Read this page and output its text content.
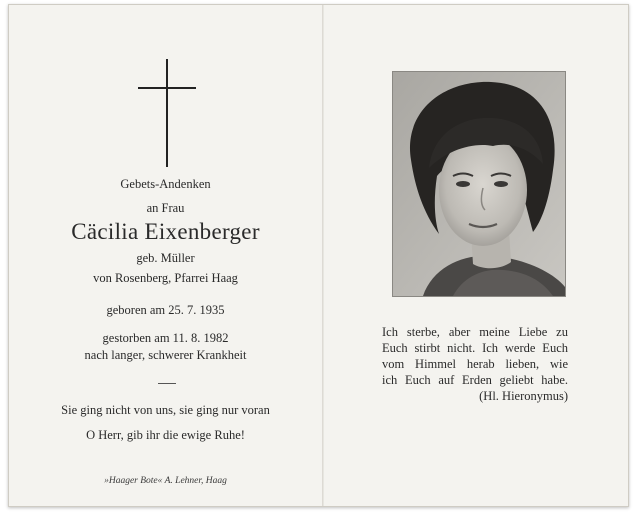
Gebets-Andenken
an Frau
Cäcilia Eixenberger
geb. Müller
von Rosenberg, Pfarrei Haag
geboren am 25. 7. 1935
gestorben am 11. 8. 1982
nach langer, schwerer Krankheit
Sie ging nicht von uns, sie ging nur voran
O Herr, gib ihr die ewige Ruhe!
»Haager Bote« A. Lehner, Haag
Ich sterbe, aber meine Liebe zu
Euch stirbt nicht. Ich werde Euch
vom Himmel herab lieben, wie
ich Euch auf Erden geliebt habe.
(Hl. Hieronymus)
